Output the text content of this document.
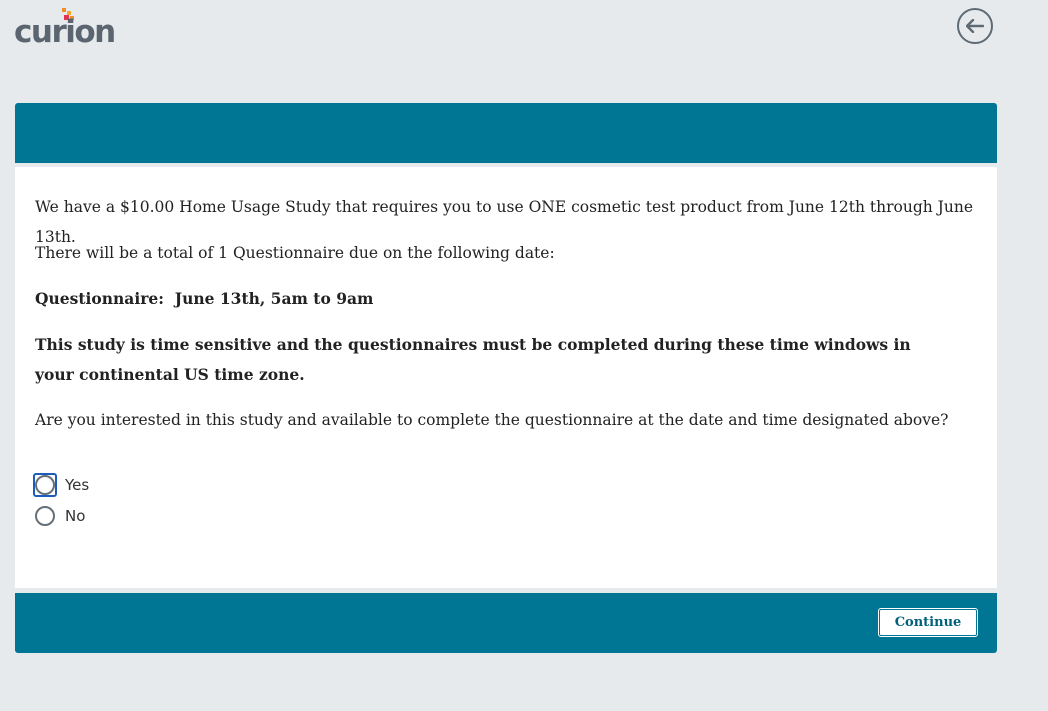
curion

We have a $10.00 Home Usage Study that requires you to use ONE cosmetic test product from June 12th through June 13th.

There will be a total of 1 Questionnaire due on the following date:

Questionnaire:  June 13th, 5am to 9am

This study is time sensitive and the questionnaires must be completed during these time windows in your continental US time zone.

Are you interested in this study and available to complete the questionnaire at the date and time designated above?

Yes
No
Continue
